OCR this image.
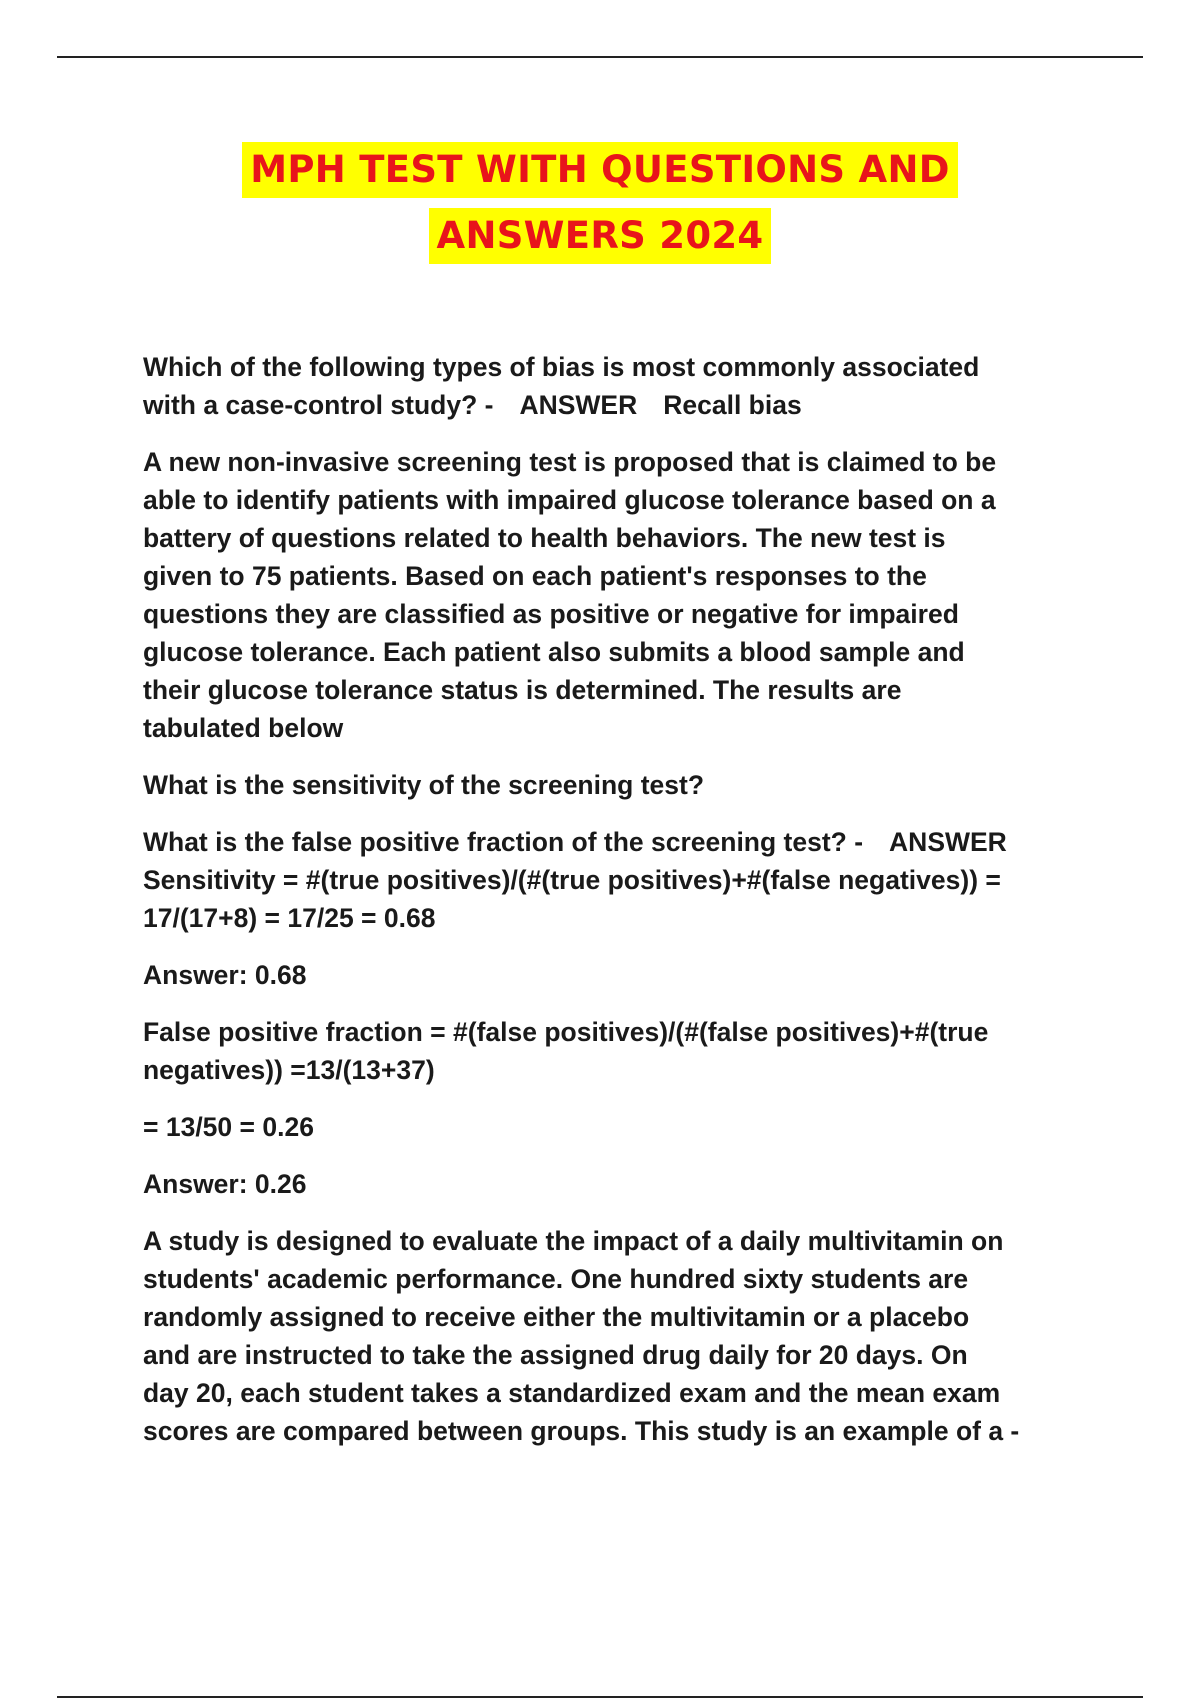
MPH TEST WITH QUESTIONS AND
ANSWERS 2024

Which of the following types of bias is most commonly associated
with a case-control study? - ANSWER Recall bias

A new non-invasive screening test is proposed that is claimed to be
able to identify patients with impaired glucose tolerance based on a
battery of questions related to health behaviors. The new test is
given to 75 patients. Based on each patient's responses to the
questions they are classified as positive or negative for impaired
glucose tolerance. Each patient also submits a blood sample and
their glucose tolerance status is determined. The results are
tabulated below

What is the sensitivity of the screening test?

What is the false positive fraction of the screening test? - ANSWER
Sensitivity = #(true positives)/(#(true positives)+#(false negatives)) =
17/(17+8) = 17/25 = 0.68

Answer: 0.68

False positive fraction = #(false positives)/(#(false positives)+#(true
negatives)) =13/(13+37)

= 13/50 = 0.26

Answer: 0.26

A study is designed to evaluate the impact of a daily multivitamin on
students' academic performance. One hundred sixty students are
randomly assigned to receive either the multivitamin or a placebo
and are instructed to take the assigned drug daily for 20 days. On
day 20, each student takes a standardized exam and the mean exam
scores are compared between groups. This study is an example of a -
